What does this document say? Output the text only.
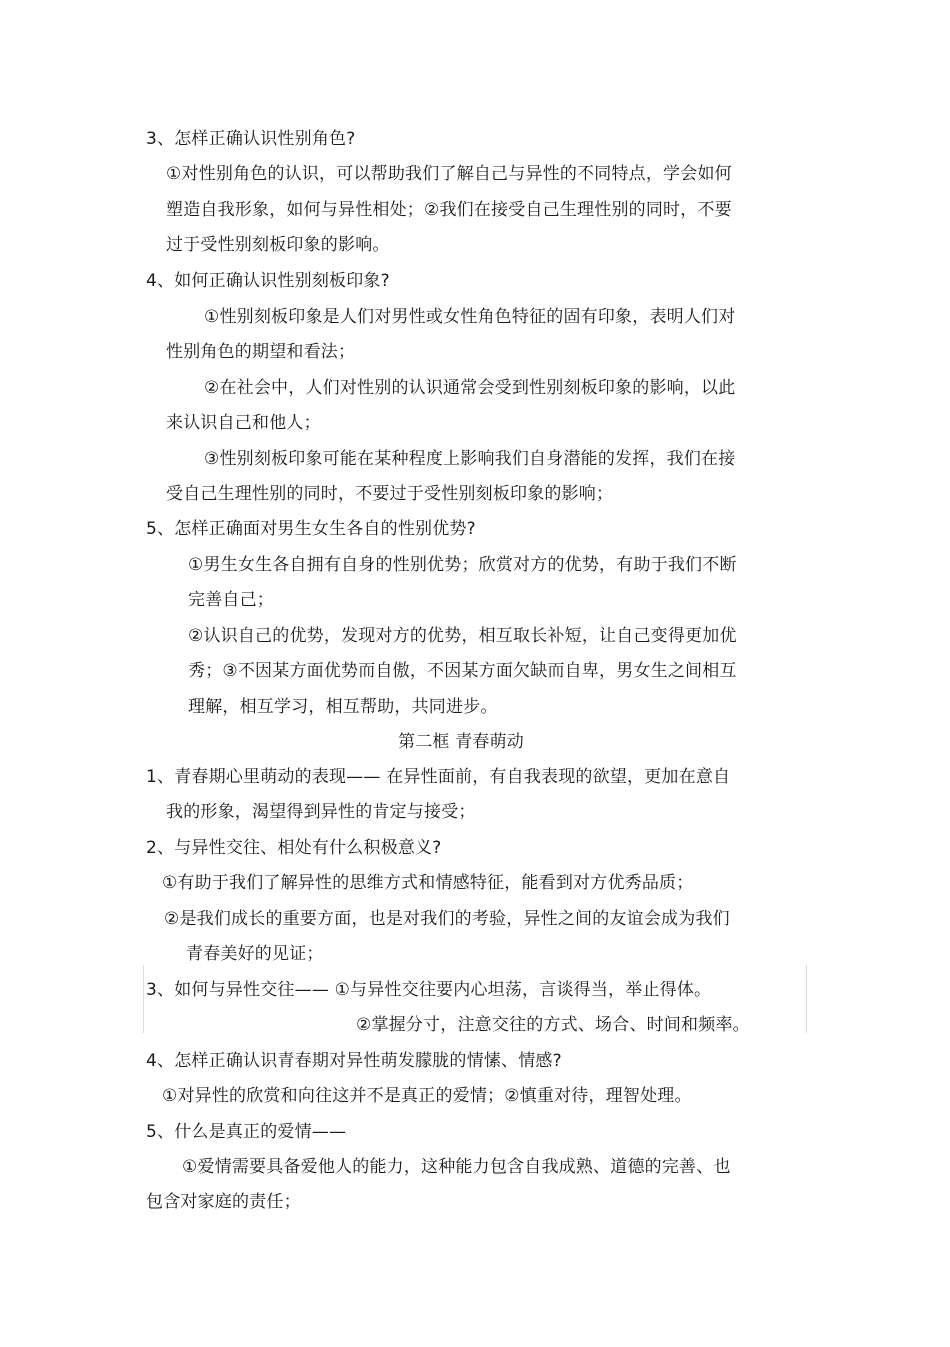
3、怎样正确认识性别角色?
①对性别角色的认识，可以帮助我们了解自己与异性的不同特点，学会如何
塑造自我形象，如何与异性相处；②我们在接受自己生理性别的同时，不要
过于受性别刻板印象的影响。
4、如何正确认识性别刻板印象?
①性别刻板印象是人们对男性或女性角色特征的固有印象，表明人们对
性别角色的期望和看法；
②在社会中，人们对性别的认识通常会受到性别刻板印象的影响，以此
来认识自己和他人；
③性别刻板印象可能在某种程度上影响我们自身潜能的发挥，我们在接
受自己生理性别的同时，不要过于受性别刻板印象的影响；
5、怎样正确面对男生女生各自的性别优势?
①男生女生各自拥有自身的性别优势；欣赏对方的优势，有助于我们不断
完善自己；
②认识自己的优势，发现对方的优势，相互取长补短，让自己变得更加优
秀；③不因某方面优势而自傲，不因某方面欠缺而自卑，男女生之间相互
理解，相互学习，相互帮助，共同进步。
第二框 青春萌动
1、青春期心里萌动的表现—— 在异性面前，有自我表现的欲望，更加在意自
我的形象，渴望得到异性的肯定与接受；
2、与异性交往、相处有什么积极意义?
①有助于我们了解异性的思维方式和情感特征，能看到对方优秀品质；
②是我们成长的重要方面，也是对我们的考验，异性之间的友谊会成为我们
青春美好的见证；
3、如何与异性交往—— ①与异性交往要内心坦荡，言谈得当，举止得体。
②掌握分寸，注意交往的方式、场合、时间和频率。
4、怎样正确认识青春期对异性萌发朦胧的情愫、情感?
①对异性的欣赏和向往这并不是真正的爱情；②慎重对待，理智处理。
5、什么是真正的爱情——
①爱情需要具备爱他人的能力，这种能力包含自我成熟、道德的完善、也
包含对家庭的责任；
